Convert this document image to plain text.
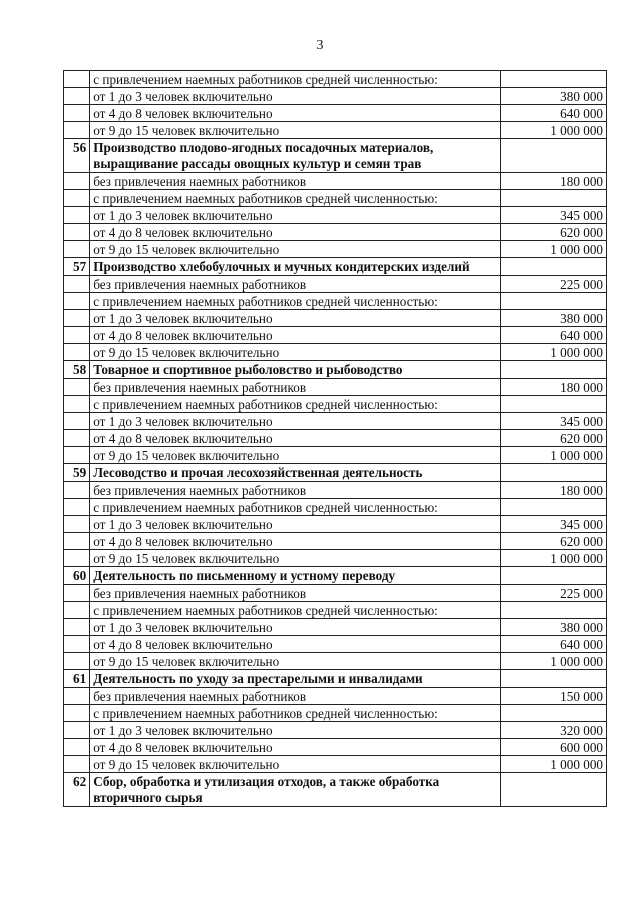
3
	с привлечением наемных работников средней численностью:	
	от 1 до 3 человек включительно	380 000
	от 4 до 8 человек включительно	640 000
	от 9 до 15 человек включительно	1 000 000
56	Производство плодово-ягодных посадочных материалов, выращивание рассады овощных культур и семян трав	
	без привлечения наемных работников	180 000
	с привлечением наемных работников средней численностью:	
	от 1 до 3 человек включительно	345 000
	от 4 до 8 человек включительно	620 000
	от 9 до 15 человек включительно	1 000 000
57	Производство хлебобулочных и мучных кондитерских изделий	
	без привлечения наемных работников	225 000
	с привлечением наемных работников средней численностью:	
	от 1 до 3 человек включительно	380 000
	от 4 до 8 человек включительно	640 000
	от 9 до 15 человек включительно	1 000 000
58	Товарное и спортивное рыболовство и рыбоводство	
	без привлечения наемных работников	180 000
	с привлечением наемных работников средней численностью:	
	от 1 до 3 человек включительно	345 000
	от 4 до 8 человек включительно	620 000
	от 9 до 15 человек включительно	1 000 000
59	Лесоводство и прочая лесохозяйственная деятельность	
	без привлечения наемных работников	180 000
	с привлечением наемных работников средней численностью:	
	от 1 до 3 человек включительно	345 000
	от 4 до 8 человек включительно	620 000
	от 9 до 15 человек включительно	1 000 000
60	Деятельность по письменному и устному переводу	
	без привлечения наемных работников	225 000
	с привлечением наемных работников средней численностью:	
	от 1 до 3 человек включительно	380 000
	от 4 до 8 человек включительно	640 000
	от 9 до 15 человек включительно	1 000 000
61	Деятельность по уходу за престарелыми и инвалидами	
	без привлечения наемных работников	150 000
	с привлечением наемных работников средней численностью:	
	от 1 до 3 человек включительно	320 000
	от 4 до 8 человек включительно	600 000
	от 9 до 15 человек включительно	1 000 000
62	Сбор, обработка и утилизация отходов, а также обработка вторичного сырья	
